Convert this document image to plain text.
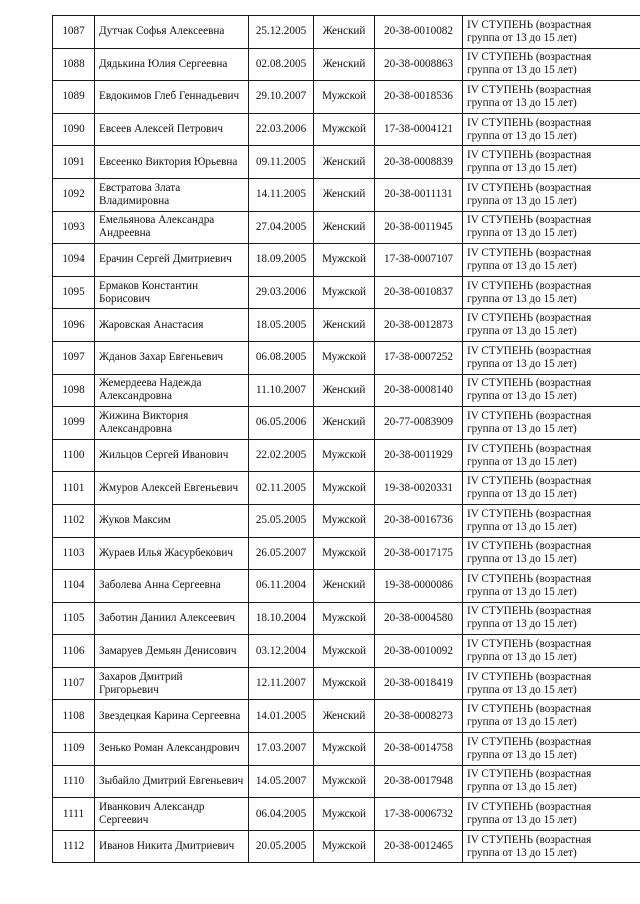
1087	Дутчак Софья Алексеевна	25.12.2005	Женский	20-38-0010082	IV СТУПЕНЬ (возрастная
группа от 13 до 15 лет)

1088	Дядькина Юлия Сергеевна	02.08.2005	Женский	20-38-0008863	IV СТУПЕНЬ (возрастная
группа от 13 до 15 лет)

1089	Евдокимов Глеб Геннадьевич	29.10.2007	Мужской	20-38-0018536	IV СТУПЕНЬ (возрастная
группа от 13 до 15 лет)

1090	Евсеев Алексей Петрович	22.03.2006	Мужской	17-38-0004121	IV СТУПЕНЬ (возрастная
группа от 13 до 15 лет)

1091	Евсеенко Виктория Юрьевна	09.11.2005	Женский	20-38-0008839	IV СТУПЕНЬ (возрастная
группа от 13 до 15 лет)

1092	Евстратова Злата Владимировна	14.11.2005	Женский	20-38-0011131	IV СТУПЕНЬ (возрастная
группа от 13 до 15 лет)

1093	Емельянова Александра Андреевна	27.04.2005	Женский	20-38-0011945	IV СТУПЕНЬ (возрастная
группа от 13 до 15 лет)

1094	Ерачин Сергей Дмитриевич	18.09.2005	Мужской	17-38-0007107	IV СТУПЕНЬ (возрастная
группа от 13 до 15 лет)

1095	Ермаков Константин Борисович	29.03.2006	Мужской	20-38-0010837	IV СТУПЕНЬ (возрастная
группа от 13 до 15 лет)

1096	Жаровская Анастасия	18.05.2005	Женский	20-38-0012873	IV СТУПЕНЬ (возрастная
группа от 13 до 15 лет)

1097	Жданов Захар Евгеньевич	06.08.2005	Мужской	17-38-0007252	IV СТУПЕНЬ (возрастная
группа от 13 до 15 лет)

1098	Жемердеева Надежда Александровна	11.10.2007	Женский	20-38-0008140	IV СТУПЕНЬ (возрастная
группа от 13 до 15 лет)

1099	Жижина Виктория Александровна	06.05.2006	Женский	20-77-0083909	IV СТУПЕНЬ (возрастная
группа от 13 до 15 лет)

1100	Жильцов Сергей Иванович	22.02.2005	Мужской	20-38-0011929	IV СТУПЕНЬ (возрастная
группа от 13 до 15 лет)

1101	Жмуров Алексей Евгеньевич	02.11.2005	Мужской	19-38-0020331	IV СТУПЕНЬ (возрастная
группа от 13 до 15 лет)

1102	Жуков Максим	25.05.2005	Мужской	20-38-0016736	IV СТУПЕНЬ (возрастная
группа от 13 до 15 лет)

1103	Жураев Илья Жасурбекович	26.05.2007	Мужской	20-38-0017175	IV СТУПЕНЬ (возрастная
группа от 13 до 15 лет)

1104	Заболева Анна Сергеевна	06.11.2004	Женский	19-38-0000086	IV СТУПЕНЬ (возрастная
группа от 13 до 15 лет)

1105	Заботин Даниил Алексеевич	18.10.2004	Мужской	20-38-0004580	IV СТУПЕНЬ (возрастная
группа от 13 до 15 лет)

1106	Замаруев Демьян Денисович	03.12.2004	Мужской	20-38-0010092	IV СТУПЕНЬ (возрастная
группа от 13 до 15 лет)

1107	Захаров Дмитрий Григорьевич	12.11.2007	Мужской	20-38-0018419	IV СТУПЕНЬ (возрастная
группа от 13 до 15 лет)

1108	Звездецкая Карина Сергеевна	14.01.2005	Женский	20-38-0008273	IV СТУПЕНЬ (возрастная
группа от 13 до 15 лет)

1109	Зенько Роман Александрович	17.03.2007	Мужской	20-38-0014758	IV СТУПЕНЬ (возрастная
группа от 13 до 15 лет)

1110	Зыбайло Дмитрий Евгеньевич	14.05.2007	Мужской	20-38-0017948	IV СТУПЕНЬ (возрастная
группа от 13 до 15 лет)

1111	Иванкович Александр Сергеевич	06.04.2005	Мужской	17-38-0006732	IV СТУПЕНЬ (возрастная
группа от 13 до 15 лет)

1112	Иванов Никита Дмитриевич	20.05.2005	Мужской	20-38-0012465	IV СТУПЕНЬ (возрастная
группа от 13 до 15 лет)
